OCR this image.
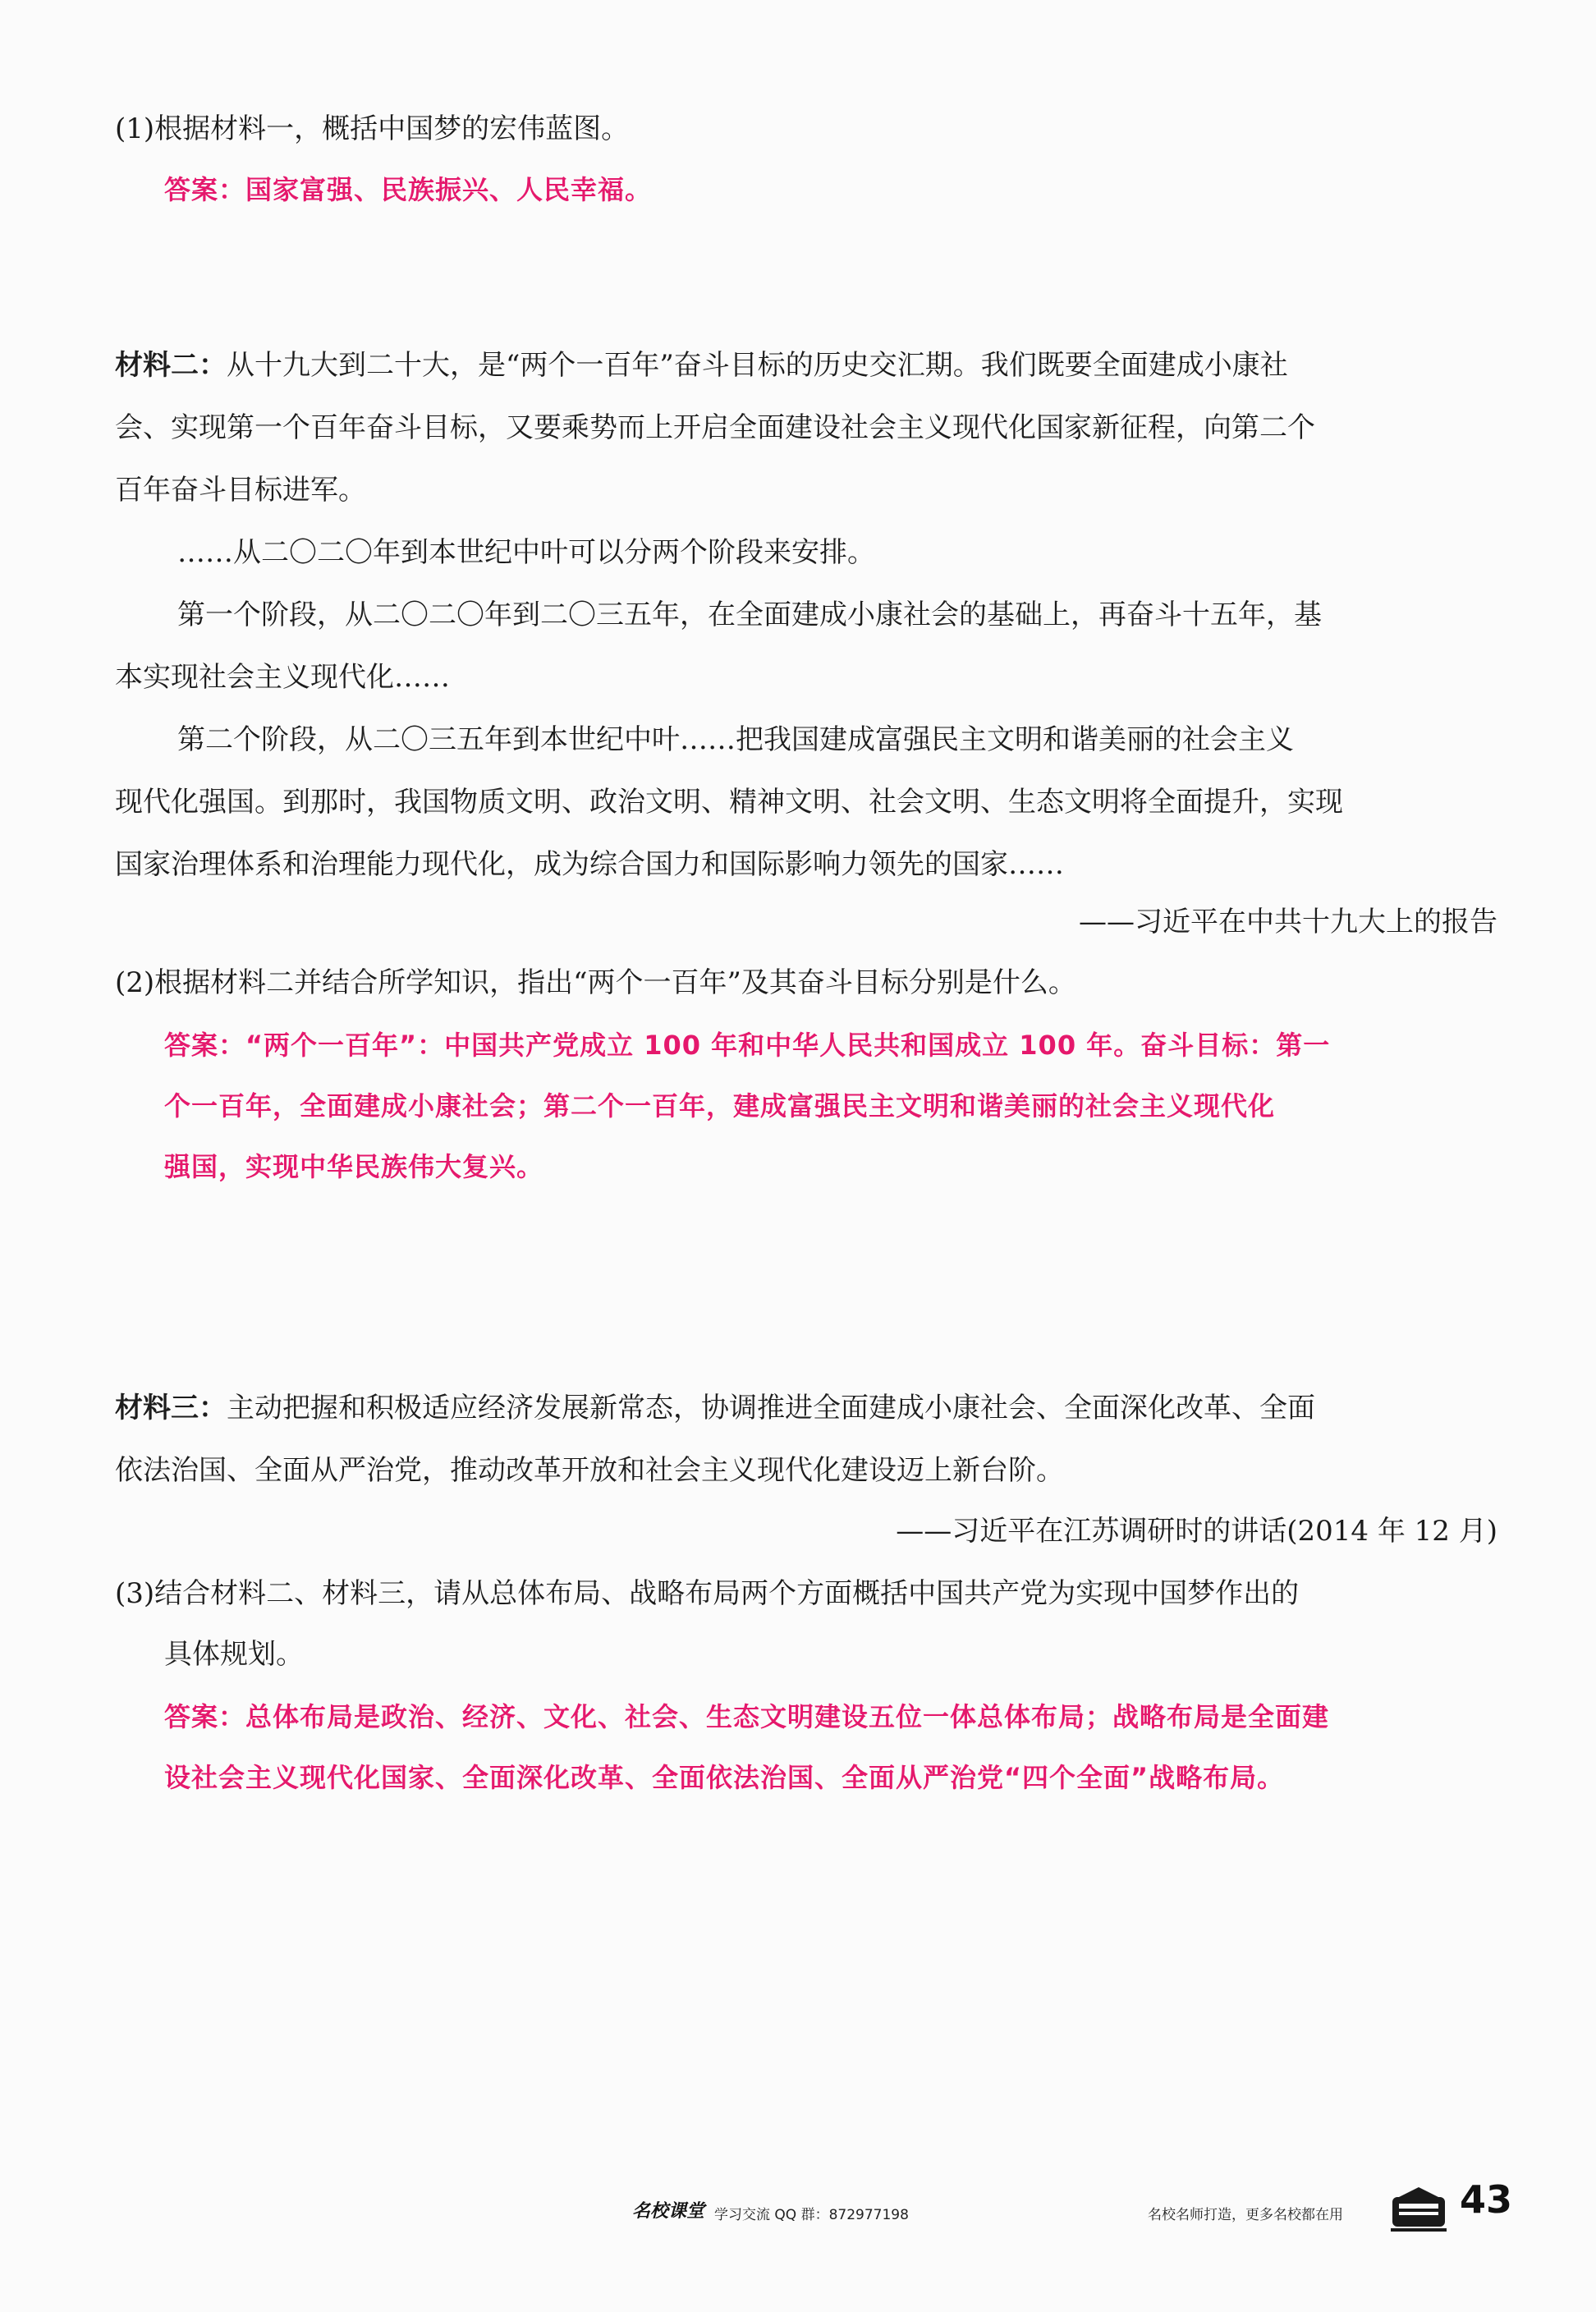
(1)根据材料一，概括中国梦的宏伟蓝图。
答案：国家富强、民族振兴、人民幸福。
材料二：从十九大到二十大，是“两个一百年”奋斗目标的历史交汇期。我们既要全面建成小康社
会、实现第一个百年奋斗目标，又要乘势而上开启全面建设社会主义现代化国家新征程，向第二个
百年奋斗目标进军。
……从二〇二〇年到本世纪中叶可以分两个阶段来安排。
第一个阶段，从二〇二〇年到二〇三五年，在全面建成小康社会的基础上，再奋斗十五年，基
本实现社会主义现代化……
第二个阶段，从二〇三五年到本世纪中叶……把我国建成富强民主文明和谐美丽的社会主义
现代化强国。到那时，我国物质文明、政治文明、精神文明、社会文明、生态文明将全面提升，实现
国家治理体系和治理能力现代化，成为综合国力和国际影响力领先的国家……
——习近平在中共十九大上的报告
(2)根据材料二并结合所学知识，指出“两个一百年”及其奋斗目标分别是什么。
答案：“两个一百年”：中国共产党成立 100 年和中华人民共和国成立 100 年。奋斗目标：第一
个一百年，全面建成小康社会；第二个一百年，建成富强民主文明和谐美丽的社会主义现代化
强国，实现中华民族伟大复兴。
材料三：主动把握和积极适应经济发展新常态，协调推进全面建成小康社会、全面深化改革、全面
依法治国、全面从严治党，推动改革开放和社会主义现代化建设迈上新台阶。
——习近平在江苏调研时的讲话(2014 年 12 月)
(3)结合材料二、材料三，请从总体布局、战略布局两个方面概括中国共产党为实现中国梦作出的
具体规划。
答案：总体布局是政治、经济、文化、社会、生态文明建设五位一体总体布局；战略布局是全面建
设社会主义现代化国家、全面深化改革、全面依法治国、全面从严治党“四个全面”战略布局。
名校课堂 学习交流 QQ 群：872977198	名校名师打造，更多名校都在用	43
